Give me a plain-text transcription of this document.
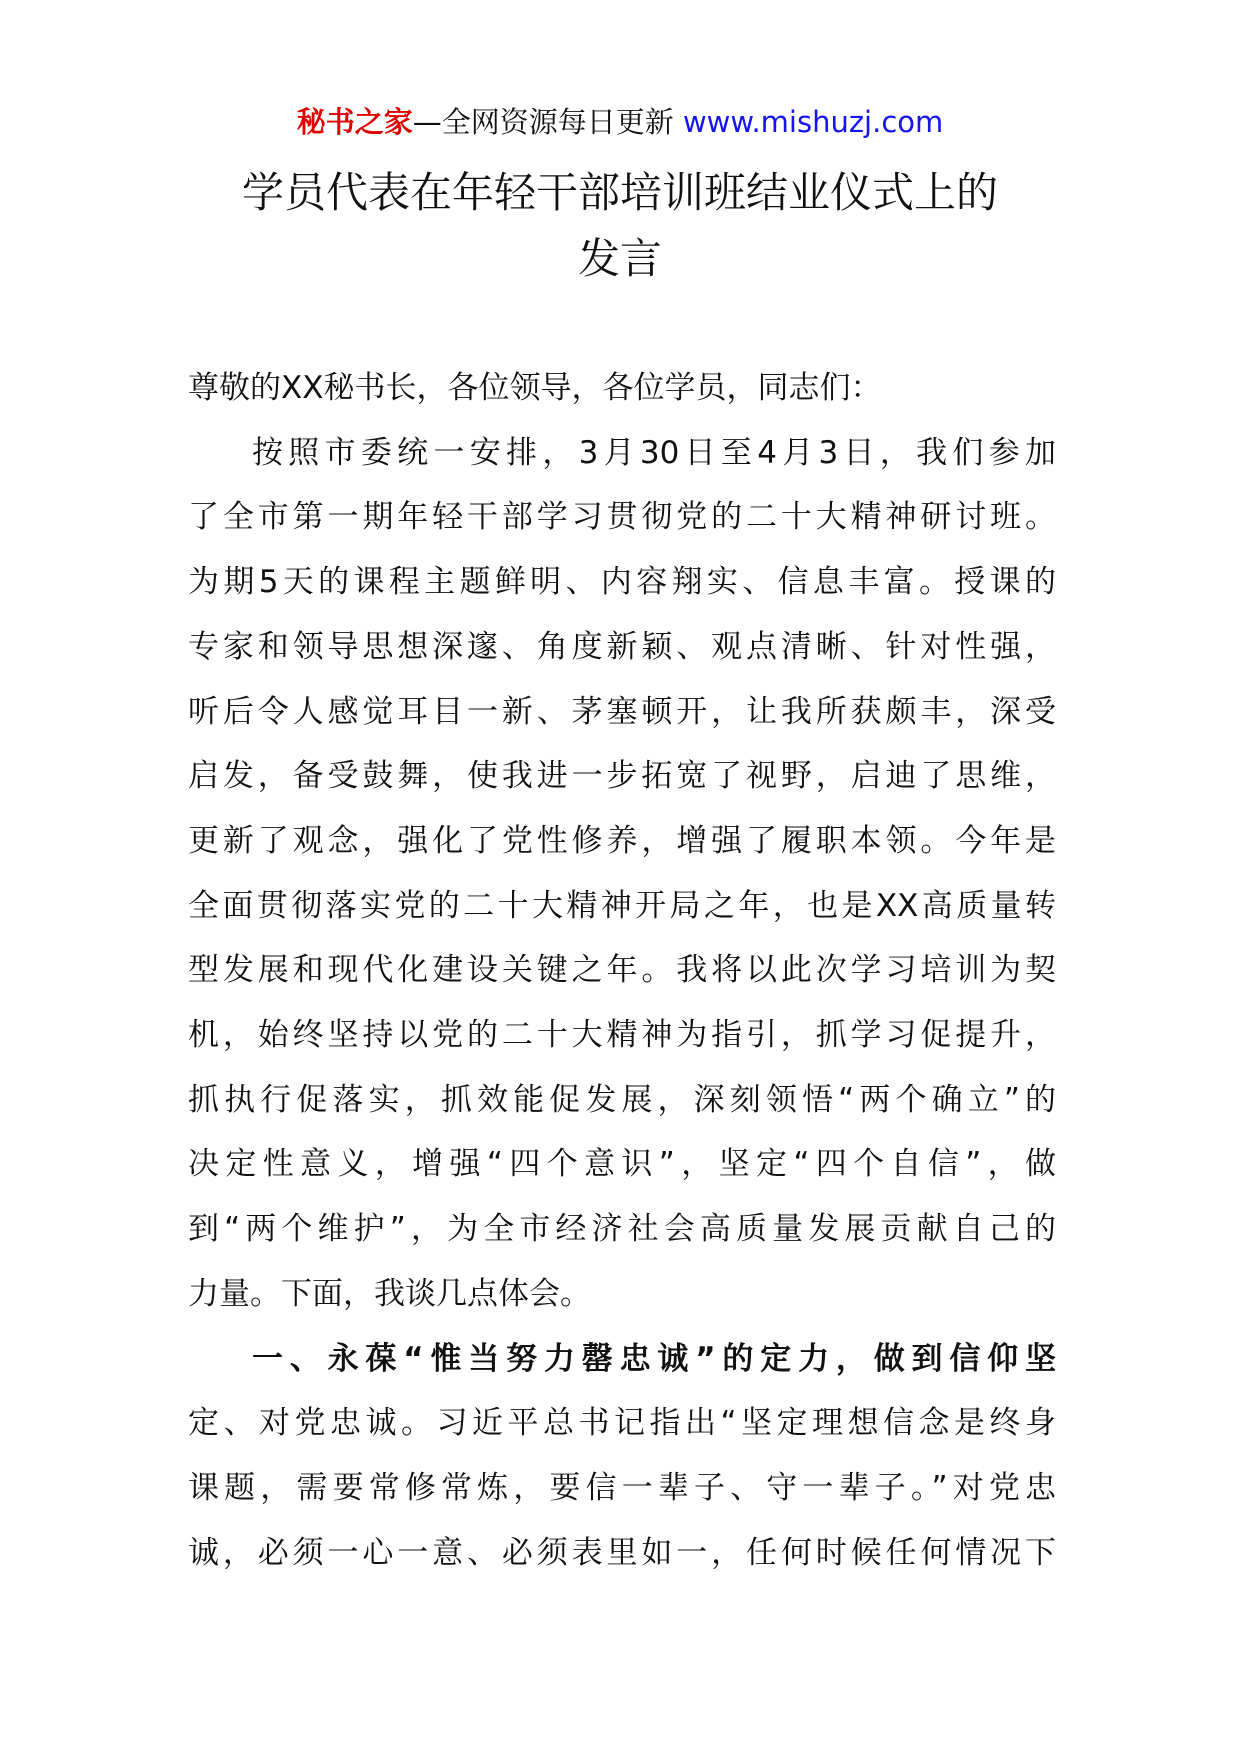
秘书之家—全网资源每日更新 www.mishuzj.com
学员代表在年轻干部培训班结业仪式上的
发言
尊敬的XX秘书长，各位领导，各位学员，同志们：
按照市委统一安排，3月30日至4月3日，我们参加
了全市第一期年轻干部学习贯彻党的二十大精神研讨班。
为期5天的课程主题鲜明、内容翔实、信息丰富。授课的
专家和领导思想深邃、角度新颖、观点清晰、针对性强，
听后令人感觉耳目一新、茅塞顿开，让我所获颇丰，深受
启发，备受鼓舞，使我进一步拓宽了视野，启迪了思维，
更新了观念，强化了党性修养，增强了履职本领。今年是
全面贯彻落实党的二十大精神开局之年，也是XX高质量转
型发展和现代化建设关键之年。我将以此次学习培训为契
机，始终坚持以党的二十大精神为指引，抓学习促提升，
抓执行促落实，抓效能促发展，深刻领悟“两个确立”的
决定性意义，增强“四个意识”，坚定“四个自信”，做
到“两个维护”，为全市经济社会高质量发展贡献自己的
力量。下面，我谈几点体会。
一、永葆“惟当努力罄忠诚”的定力，做到信仰坚
定、对党忠诚。习近平总书记指出“坚定理想信念是终身
课题，需要常修常炼，要信一辈子、守一辈子。”对党忠
诚，必须一心一意、必须表里如一，任何时候任何情况下
